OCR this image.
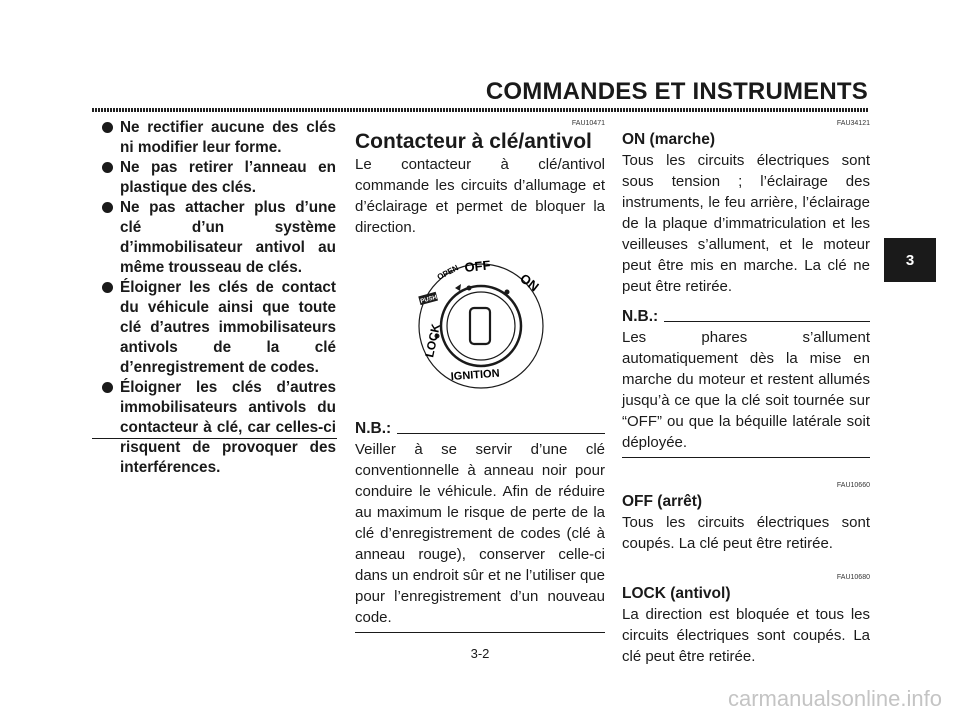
COMMANDES ET INSTRUMENTS
3
Ne rectifier aucune des clés ni modifier leur forme.
Ne pas retirer l’anneau en plastique des clés.
Ne pas attacher plus d’une clé d’un système d’immobilisateur antivol au même trousseau de clés.
Éloigner les clés de contact du véhicule ainsi que toute clé d’autres immobilisateurs antivols de la clé d’enregistrement de codes.
Éloigner les clés d’autres immobilisateurs antivols du contacteur à clé, car celles-ci risquent de provoquer des interférences.
FAU10471
Contacteur à clé/antivol

Le contacteur à clé/antivol commande les circuits d’allumage et d’éclairage et permet de bloquer la direction.

OPEN OFF
ON
PUSH
LOCK
IGNITION
N.B.:

Veiller à se servir d’une clé conventionnelle à anneau noir pour conduire le véhicule. Afin de réduire au maximum le risque de perte de la clé d’enregistrement de codes (clé à anneau rouge), conserver celle-ci dans un endroit sûr et ne l’utiliser que pour l’enregistrement d’un nouveau code.

FAU34121
ON (marche)

Tous les circuits électriques sont sous tension ; l’éclairage des instruments, le feu arrière, l’éclairage de la plaque d’immatriculation et les veilleuses s’allument, et le moteur peut être mis en marche. La clé ne peut être retirée.

N.B.:

Les phares s’allument automatiquement dès la mise en marche du moteur et restent allumés jusqu’à ce que la clé soit tournée sur “OFF” ou que la béquille latérale soit déployée.

FAU10660
OFF (arrêt)

Tous les circuits électriques sont coupés. La clé peut être retirée.

FAU10680
LOCK (antivol)

La direction est bloquée et tous les circuits électriques sont coupés. La clé peut être retirée.

3-2
carmanualsonline.info
